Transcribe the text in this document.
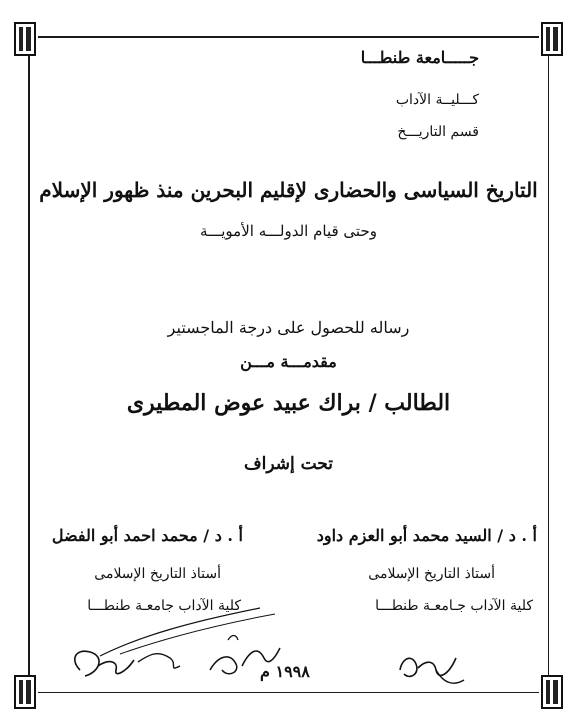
جـــــامعة طنطـــا
كـــليــة الآداب
قسم التاريـــخ
التاريخ السياسى والحضارى لإقليم البحرين منذ ظهور الإسلام
وحتى قيام الدولـــه الأمويـــة
رساله للحصول على درجة الماجستير
مقدمـــة مـــن
الطالب / براك عبيد عوض المطيرى
تحت إشراف
أ . د / السيد محمد أبو العزم داود
أستاذ التاريخ الإسلامى
كلية الآداب جـامعـة طنطـــا
أ . د / محمد احمد أبو الفضل
أستاذ التاريخ الإسلامى
كلية الآداب جامعـة طنطـــا
١٩٩٨ م
